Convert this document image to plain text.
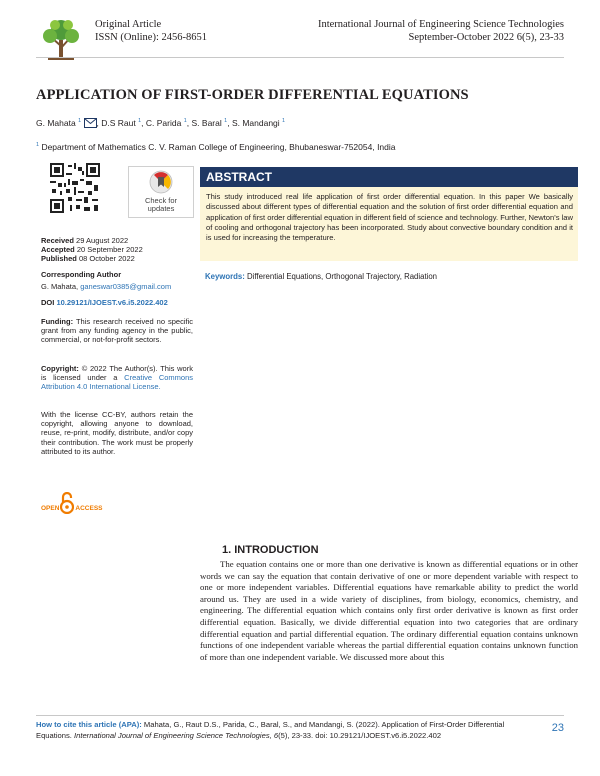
Original Article
ISSN (Online): 2456-8651
International Journal of Engineering Science Technologies
September-October 2022 6(5), 23-33
APPLICATION OF FIRST-ORDER DIFFERENTIAL EQUATIONS
G. Mahata $^1$ , D.S Raut $^1$, C. Parida $^1$, S. Baral $^1$, S. Mandangi $^1$
$^1$ Department of Mathematics C. V. Raman College of Engineering, Bhubaneswar-752054, India
Check for
updates
Received 29 August 2022
Accepted 20 September 2022
Published 08 October 2022
Corresponding Author
G. Mahata, ganeswar0385@gmail.com
DOI 10.29121/IJOEST.v6.i5.2022.402
Funding: This research received no specific grant from any funding agency in the public, commercial, or not-for-profit sectors.
Copyright: © 2022 The Author(s). This work is licensed under a Creative Commons Attribution 4.0 International License.
With the license CC-BY, authors retain the copyright, allowing anyone to download, reuse, re-print, modify, distribute, and/or copy their contribution. The work must be properly attributed to its author.
OPEN ACCESS
ABSTRACT
This study introduced real life application of first order differential equation. In this paper We basically discussed about different types of differential equation and the solution of first order differential equation and application of first order differential equation in different field of science and technology. Further, Newton's law of cooling and orthogonal trajectory has been incorporated. Study about convective boundary condition and it is used for increasing the temperature.
Keywords: Differential Equations, Orthogonal Trajectory, Radiation
1. INTRODUCTION
The equation contains one or more than one derivative is known as differential equations or in other words we can say the equation that contain derivative of one or more dependent variable with respect to one or more independent variables. Differential equations have remarkable ability to predict the world around us. They are used in a wide variety of disciplines, from biology, economics, chemistry, and engineering. The differential equation which contains only first order derivative is known as first order differential equation. Basically, we divide differential equation into two categories that are ordinary differential equation and partial differential equation. The ordinary differential equation contains unknown functions of one independent variable whereas the partial differential equation contains unknown function of more than one independent variable. We discussed more about this
How to cite this article (APA): Mahata, G., Raut D.S., Parida, C., Baral, S., and Mandangi, S. (2022). Application of First-Order Differential Equations. International Journal of Engineering Science Technologies, 6(5), 23-33. doi: 10.29121/IJOEST.v6.i5.2022.402
23
